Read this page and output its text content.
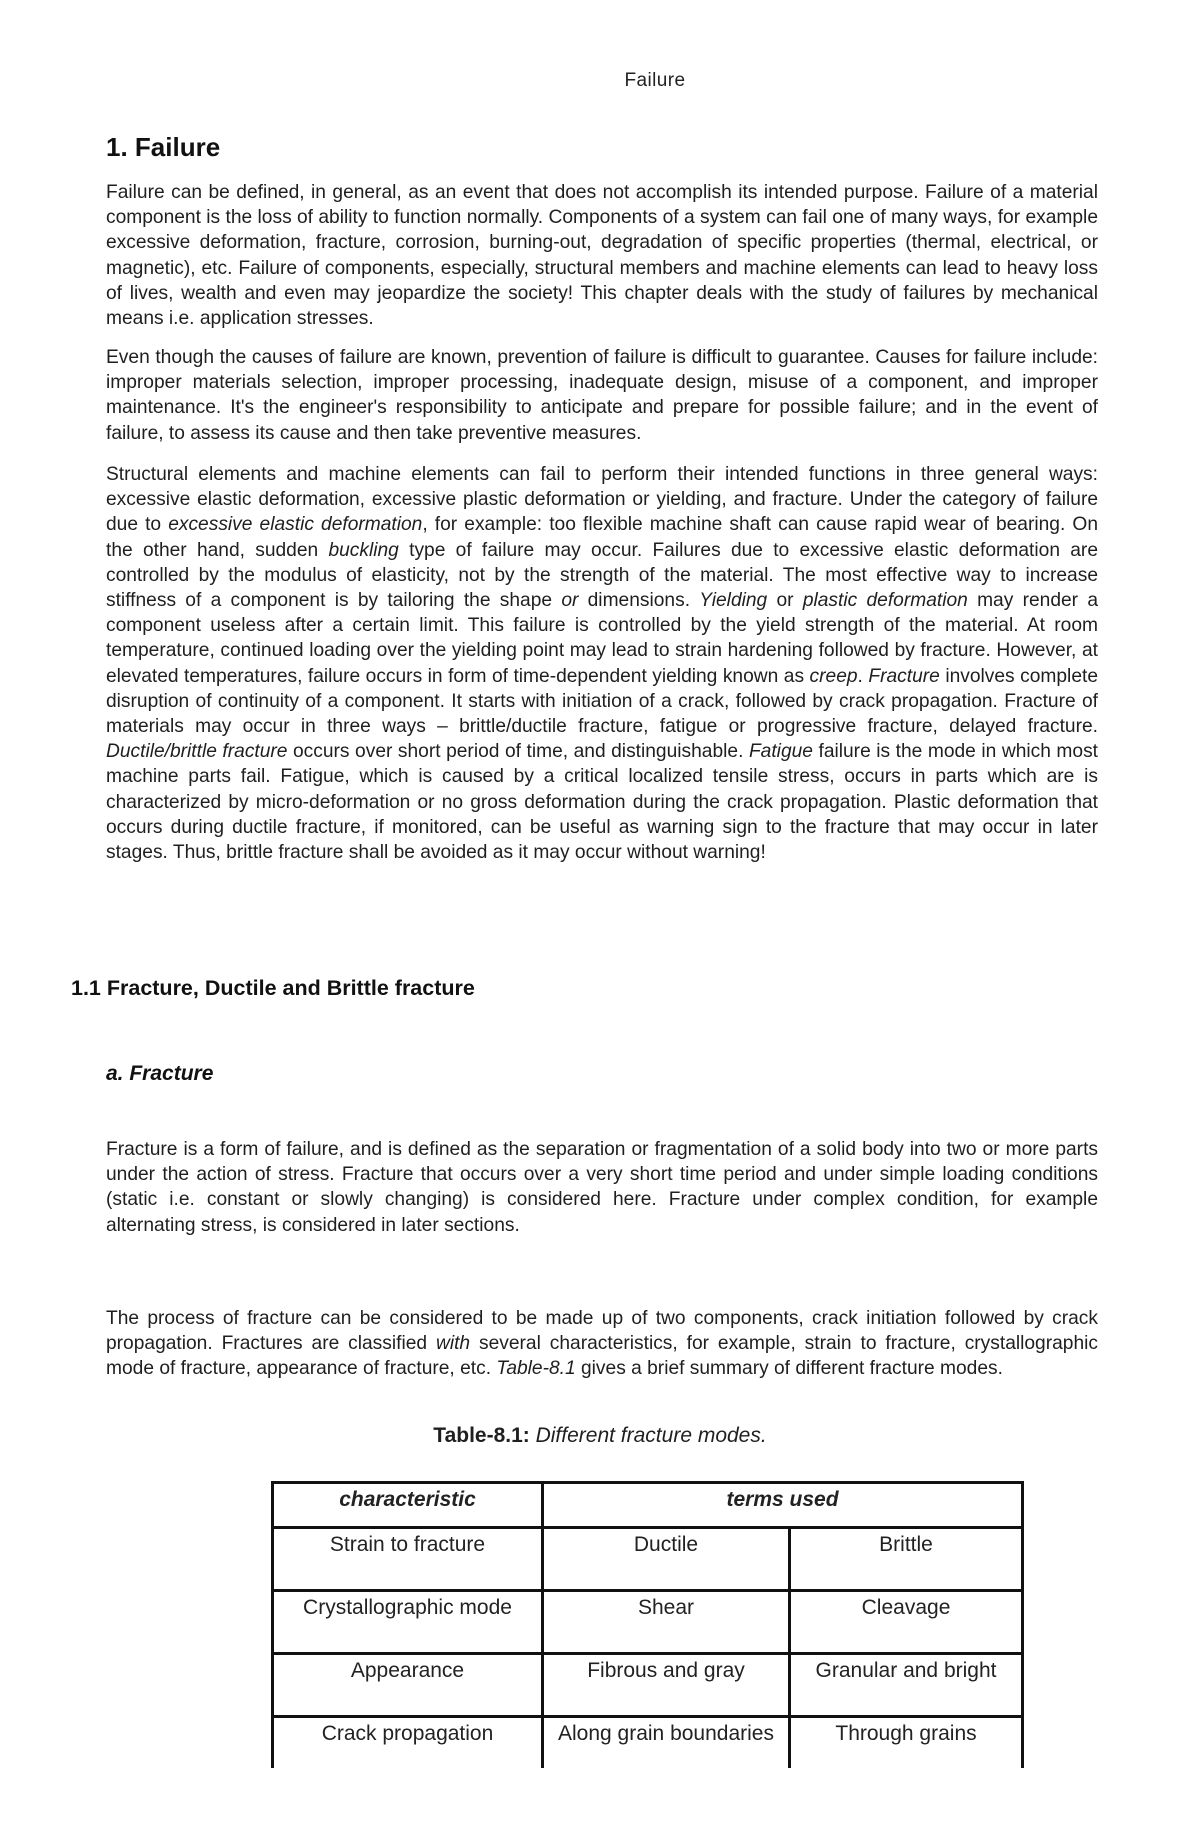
Failure
1. Failure

Failure can be defined, in general, as an event that does not accomplish its intended purpose. Failure of a material component is the loss of ability to function normally. Components of a system can fail one of many ways, for example excessive deformation, fracture, corrosion, burning-out, degradation of specific properties (thermal, electrical, or magnetic), etc. Failure of components, especially, structural members and machine elements can lead to heavy loss of lives, wealth and even may jeopardize the society! This chapter deals with the study of failures by mechanical means i.e. application stresses.

Even though the causes of failure are known, prevention of failure is difficult to guarantee. Causes for failure include: improper materials selection, improper processing, inadequate design, misuse of a component, and improper maintenance. It's the engineer's responsibility to anticipate and prepare for possible failure; and in the event of failure, to assess its cause and then take preventive measures.

Structural elements and machine elements can fail to perform their intended functions in three general ways: excessive elastic deformation, excessive plastic deformation or yielding, and fracture. Under the category of failure due to excessive elastic deformation, for example: too flexible machine shaft can cause rapid wear of bearing. On the other hand, sudden buckling type of failure may occur. Failures due to excessive elastic deformation are controlled by the modulus of elasticity, not by the strength of the material. The most effective way to increase stiffness of a component is by tailoring the shape or dimensions. Yielding or plastic deformation may render a component useless after a certain limit. This failure is controlled by the yield strength of the material. At room temperature, continued loading over the yielding point may lead to strain hardening followed by fracture. However, at elevated temperatures, failure occurs in form of time-dependent yielding known as creep. Fracture involves complete disruption of continuity of a component. It starts with initiation of a crack, followed by crack propagation. Fracture of materials may occur in three ways – brittle/ductile fracture, fatigue or progressive fracture, delayed fracture. Ductile/brittle fracture occurs over short period of time, and distinguishable. Fatigue failure is the mode in which most machine parts fail. Fatigue, which is caused by a critical localized tensile stress, occurs in parts which are is characterized by micro-deformation or no gross deformation during the crack propagation. Plastic deformation that occurs during ductile fracture, if monitored, can be useful as warning sign to the fracture that may occur in later stages. Thus, brittle fracture shall be avoided as it may occur without warning!

1.1 Fracture, Ductile and Brittle fracture
a. Fracture

Fracture is a form of failure, and is defined as the separation or fragmentation of a solid body into two or more parts under the action of stress. Fracture that occurs over a very short time period and under simple loading conditions (static i.e. constant or slowly changing) is considered here. Fracture under complex condition, for example alternating stress, is considered in later sections.

The process of fracture can be considered to be made up of two components, crack initiation followed by crack propagation. Fractures are classified with several characteristics, for example, strain to fracture, crystallographic mode of fracture, appearance of fracture, etc. Table-8.1 gives a brief summary of different fracture modes.

Table-8.1: Different fracture modes.
characteristic	terms used	
Strain to fracture	Ductile	Brittle
Crystallographic mode	Shear	Cleavage
Appearance	Fibrous and gray	Granular and bright
Crack propagation	Along grain boundaries	Through grains
